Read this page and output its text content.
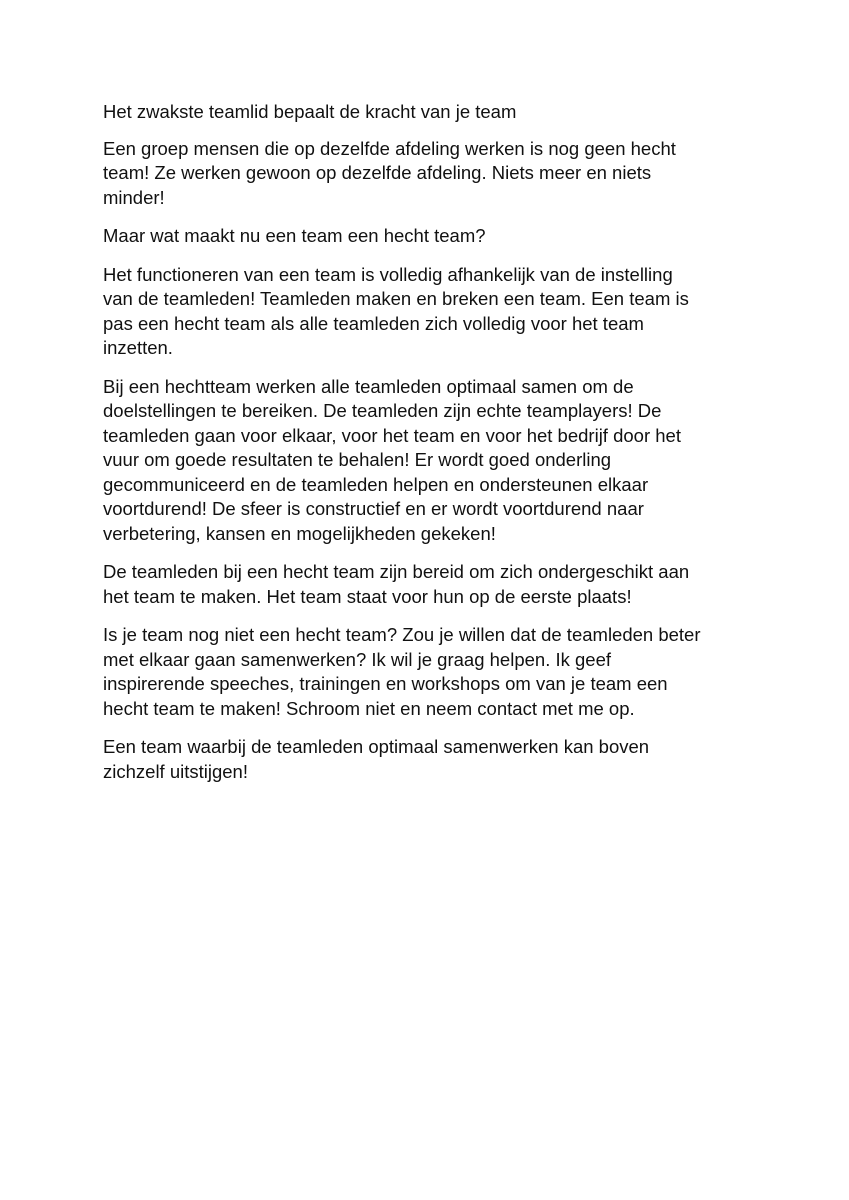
Het zwakste teamlid bepaalt de kracht van je team

Een groep mensen die op dezelfde afdeling werken is nog geen hecht
team! Ze werken gewoon op dezelfde afdeling. Niets meer en niets
minder!

Maar wat maakt nu een team een hecht team?

Het functioneren van een team is volledig afhankelijk van de instelling
van de teamleden! Teamleden maken en breken een team. Een team is
pas een hecht team als alle teamleden zich volledig voor het team
inzetten.

Bij een hechtteam werken alle teamleden optimaal samen om de
doelstellingen te bereiken. De teamleden zijn echte teamplayers! De
teamleden gaan voor elkaar, voor het team en voor het bedrijf door het
vuur om goede resultaten te behalen! Er wordt goed onderling
gecommuniceerd en de teamleden helpen en ondersteunen elkaar
voortdurend! De sfeer is constructief en er wordt voortdurend naar
verbetering, kansen en mogelijkheden gekeken!

De teamleden bij een hecht team zijn bereid om zich ondergeschikt aan
het team te maken. Het team staat voor hun op de eerste plaats!

Is je team nog niet een hecht team? Zou je willen dat de teamleden beter
met elkaar gaan samenwerken? Ik wil je graag helpen. Ik geef
inspirerende speeches, trainingen en workshops om van je team een
hecht team te maken! Schroom niet en neem contact met me op.

Een team waarbij de teamleden optimaal samenwerken kan boven
zichzelf uitstijgen!
